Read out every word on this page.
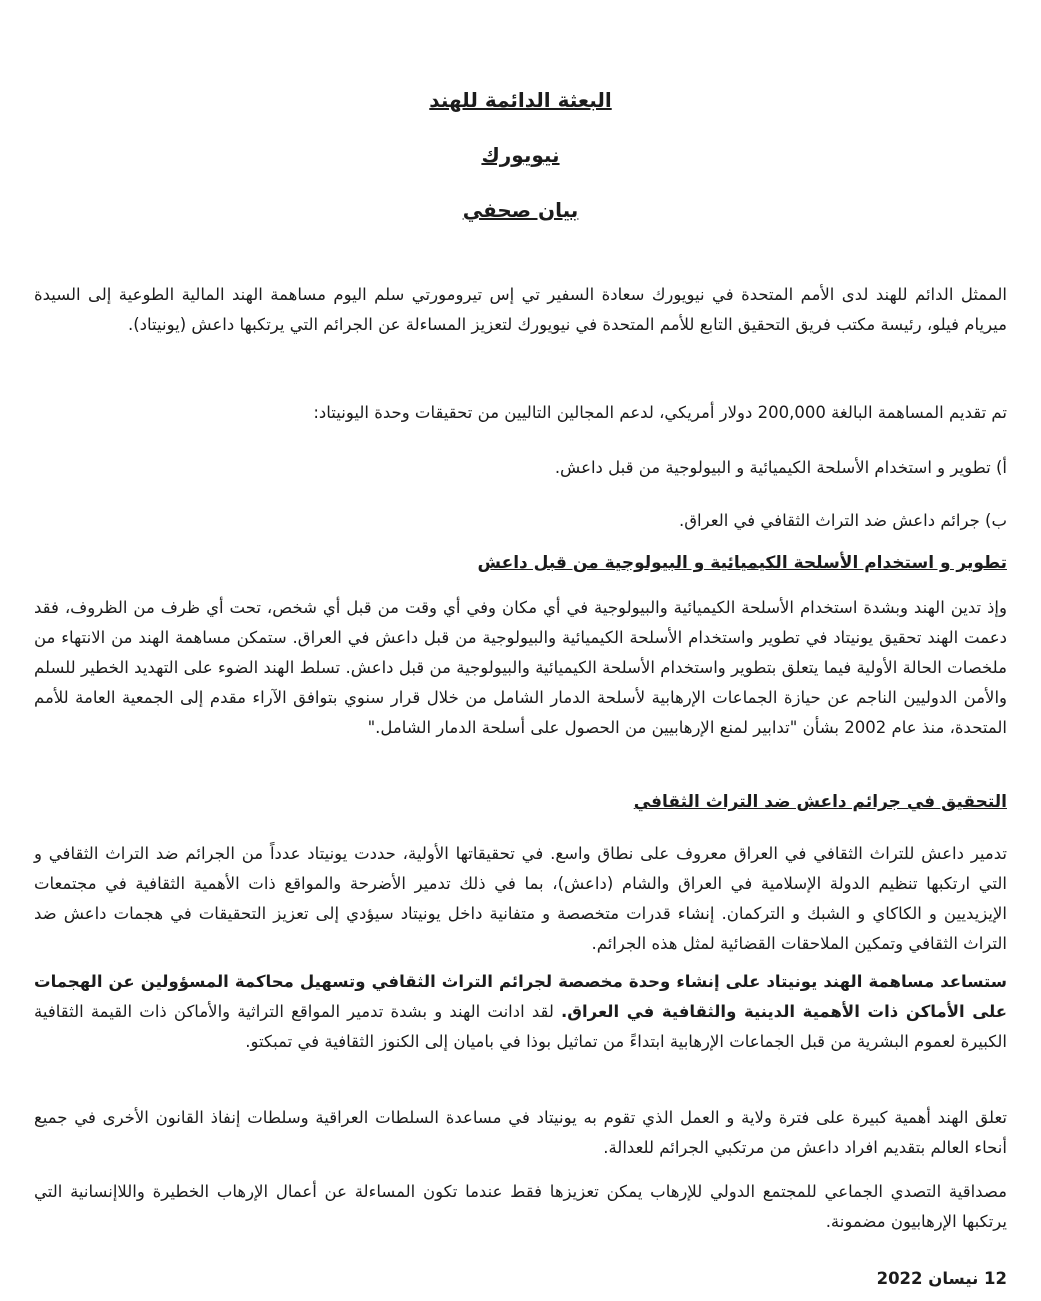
البعثة الدائمة للهند
نيويورك
بيان صحفي

الممثل الدائم للهند لدى الأمم المتحدة في نيويورك سعادة السفير تي إس تيرومورتي سلم اليوم مساهمة الهند المالية الطوعية إلى السيدة ميريام فيلو، رئيسة مكتب فريق التحقيق التابع للأمم المتحدة في نيويورك لتعزيز المساءلة عن الجرائم التي يرتكبها داعش (يونيتاد).

تم تقديم المساهمة البالغة 200,000 دولار أمريكي، لدعم المجالين التاليين من تحقيقات وحدة اليونيتاد:

أ) تطوير و استخدام الأسلحة الكيميائية و البيولوجية من قبل داعش.

ب) جرائم داعش ضد التراث الثقافي في العراق.

تطوير و استخدام الأسلحة الكيميائية و البيولوجية من قبل داعش

وإذ تدين الهند وبشدة استخدام الأسلحة الكيميائية والبيولوجية في أي مكان وفي أي وقت من قبل أي شخص، تحت أي ظرف من الظروف، فقد دعمت الهند تحقيق يونيتاد في تطوير واستخدام الأسلحة الكيميائية والبيولوجية من قبل داعش في العراق. ستمكن مساهمة الهند من الانتهاء من ملخصات الحالة الأولية فيما يتعلق بتطوير واستخدام الأسلحة الكيميائية والبيولوجية من قبل داعش. تسلط الهند الضوء على التهديد الخطير للسلم والأمن الدوليين الناجم عن حيازة الجماعات الإرهابية لأسلحة الدمار الشامل من خلال قرار سنوي بتوافق الآراء مقدم إلى الجمعية العامة للأمم المتحدة، منذ عام 2002 بشأن "تدابير لمنع الإرهابيين من الحصول على أسلحة الدمار الشامل."

التحقيق في جرائم داعش ضد التراث الثقافي

تدمير داعش للتراث الثقافي في العراق معروف على نطاق واسع. في تحقيقاتها الأولية، حددت يونيتاد عدداً من الجرائم ضد التراث الثقافي و التي ارتكبها تنظيم الدولة الإسلامية في العراق والشام (داعش)، بما في ذلك تدمير الأضرحة والمواقع ذات الأهمية الثقافية في مجتمعات الإيزيديين و الكاكاي و الشبك و التركمان. إنشاء قدرات متخصصة و متفانية داخل يونيتاد سيؤدي إلى تعزيز التحقيقات في هجمات داعش ضد التراث الثقافي وتمكين الملاحقات القضائية لمثل هذه الجرائم.

ستساعد مساهمة الهند يونيتاد على إنشاء وحدة مخصصة لجرائم التراث الثقافي وتسهيل محاكمة المسؤولين عن الهجمات على الأماكن ذات الأهمية الدينية والثقافية في العراق. لقد ادانت الهند و بشدة تدمير المواقع التراثية والأماكن ذات القيمة الثقافية الكبيرة لعموم البشرية من قبل الجماعات الإرهابية ابتداءً من تماثيل بوذا في باميان إلى الكنوز الثقافية في تمبكتو.

تعلق الهند أهمية كبيرة على فترة ولاية و العمل الذي تقوم به يونيتاد في مساعدة السلطات العراقية وسلطات إنفاذ القانون الأخرى في جميع أنحاء العالم بتقديم افراد داعش من مرتكبي الجرائم للعدالة.

مصداقية التصدي الجماعي للمجتمع الدولي للإرهاب يمكن تعزيزها فقط عندما تكون المساءلة عن أعمال الإرهاب الخطيرة واللاإنسانية التي يرتكبها الإرهابيون مضمونة.

12 نيسان 2022
